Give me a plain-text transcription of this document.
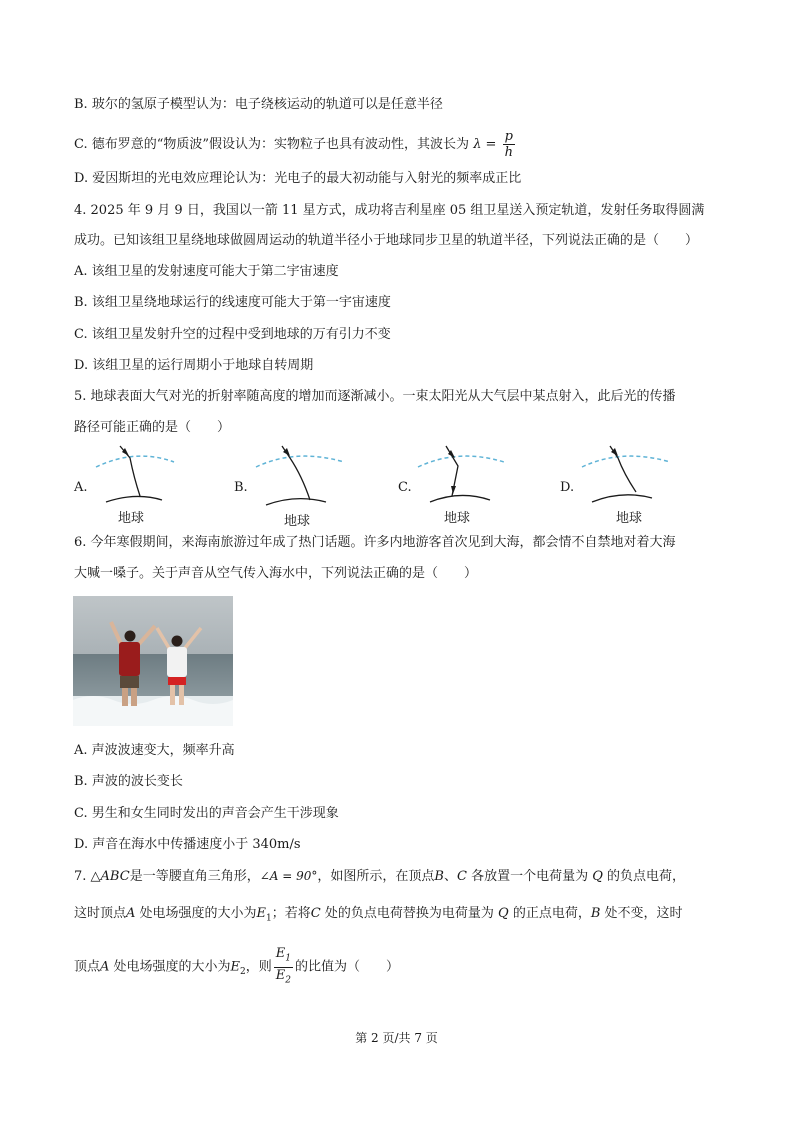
B. 玻尔的氢原子模型认为：电子绕核运动的轨道可以是任意半径
C. 德布罗意的“物质波”假设认为：实物粒子也具有波动性，其波长为 $\lambda = \frac{p}{h}$
D. 爱因斯坦的光电效应理论认为：光电子的最大初动能与入射光的频率成正比
4. 2025 年 9 月 9 日，我国以一箭 11 星方式，成功将吉利星座 05 组卫星送入预定轨道，发射任务取得圆满
成功。已知该组卫星绕地球做圆周运动的轨道半径小于地球同步卫星的轨道半径，下列说法正确的是（　　）
A. 该组卫星的发射速度可能大于第二宇宙速度
B. 该组卫星绕地球运行的线速度可能大于第一宇宙速度
C. 该组卫星发射升空的过程中受到地球的万有引力不变
D. 该组卫星的运行周期小于地球自转周期
5. 地球表面大气对光的折射率随高度的增加而逐渐减小。一束太阳光从大气层中某点射入，此后光的传播
路径可能正确的是（　　）
A.
地球
B.
地球
C.
地球
D.
地球
6. 今年寒假期间，来海南旅游过年成了热门话题。许多内地游客首次见到大海，都会情不自禁地对着大海
大喊一嗓子。关于声音从空气传入海水中，下列说法正确的是（　　）
A. 声波波速变大，频率升高
B. 声波的波长变长
C. 男生和女生同时发出的声音会产生干涉现象
D. 声音在海水中传播速度小于 340m/s
7. △ABC是一等腰直角三角形，∠A = 90°，如图所示，在顶点B、C 各放置一个电荷量为 Q 的负点电荷，
这时顶点A 处电场强度的大小为$E_1$；若将C 处的负点电荷替换为电荷量为 Q 的正点电荷，B 处不变，这时
顶点A 处电场强度的大小为$E_2$，则 $\frac{E_1}{E_2}$ 的比值为（　　）
第 2 页/共 7 页
